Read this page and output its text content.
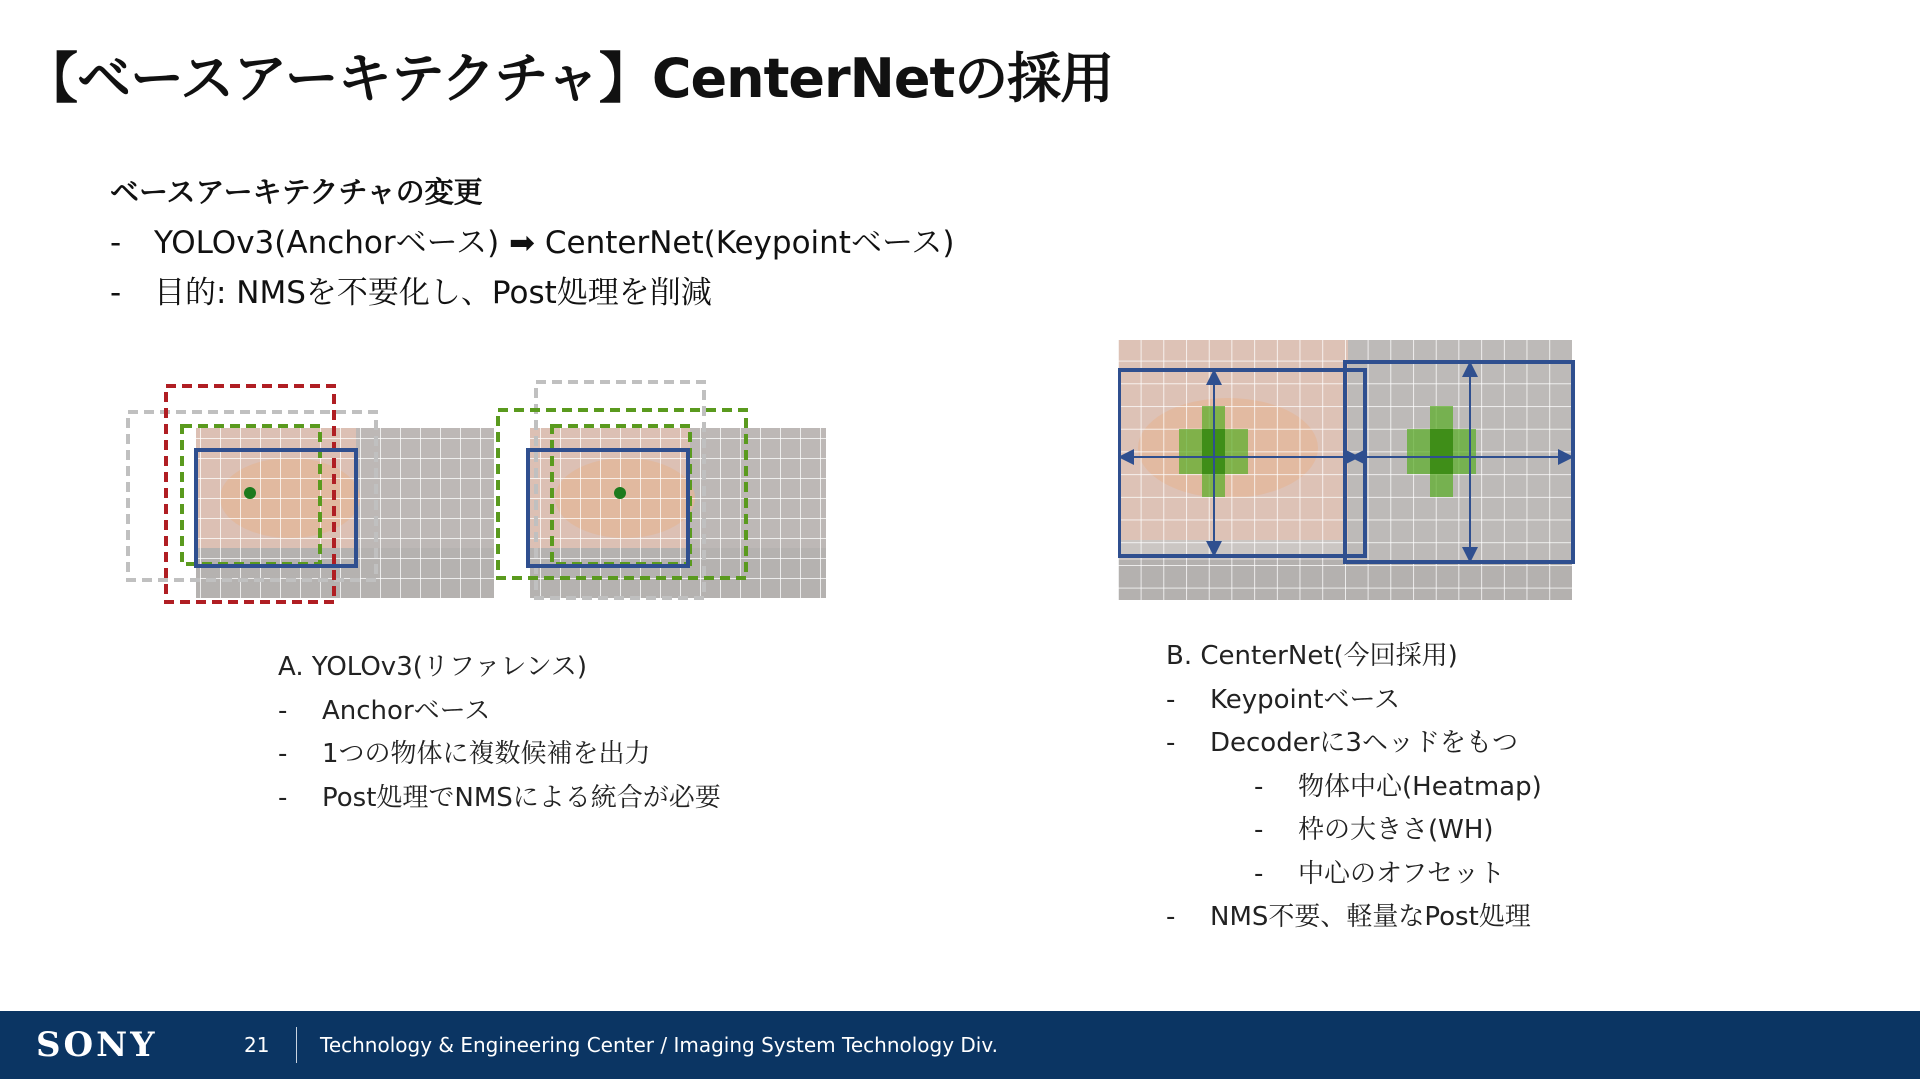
【ベースアーキテクチャ】CenterNetの採用
ベースアーキテクチャの変更
- YOLOv3(Anchorベース) ➡ CenterNet(Keypointベース)
- 目的: NMSを不要化し、Post処理を削減
A. YOLOv3(リファレンス)
- Anchorベース
- 1つの物体に複数候補を出力
- Post処理でNMSによる統合が必要
B. CenterNet(今回採用)
- Keypointベース
- Decoderに3ヘッドをもつ
- 物体中心(Heatmap)
- 枠の大きさ(WH)
- 中心のオフセット
- NMS不要、軽量なPost処理
SONY	21	Technology & Engineering Center / Imaging System Technology Div.
